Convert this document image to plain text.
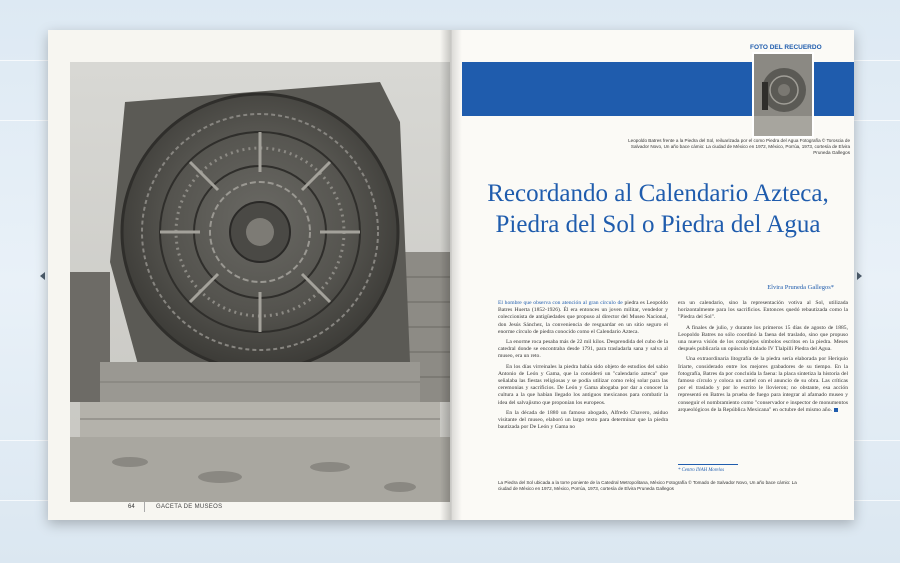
64	GACETA DE MUSEOS
FOTO DEL RECUERDO
Leopoldo Batres frente a la Piedra del Sol, reiluarizada por el como Piedra del Agua Fotografía © Toroscia de Salvador Novo, Un año bace cámio: La ciudad de México en 1972, México, Porrúa, 1973, cortesía de Elvira Pruneda Gallegos
Recordando al Calendario Azteca, Piedra del Sol o Piedra del Agua
Elvira Pruneda Gallegos*

El hombre que observa con atención al gran círculo de piedra es Leopoldo Batres Huerta (1852-1926). Él era entonces un joven militar, vendedor y coleccionista de antigüedades que propuso al director del Museo Nacional, don Jesús Sánchez, la conveniencia de resguardar en un sitio seguro el enorme círculo de piedra conocido como el Calendario Azteca.

La enorme roca pesaba más de 22 mil kilos. Desprendida del cubo de la catedral donde se encontraba desde 1791, para trasladarla sana y salva al museo, era un reto.

En los días virreinales la piedra había sido objeto de estudios del sabio Antonio de León y Gama, que la consideró un "calendario azteca" que señalaba las fiestas religiosas y se podía utilizar como reloj solar para las ceremonias y sacrificios. De León y Gama abogaba por dar a conocer la cultura a la que habían llegado los antiguos mexicanos para combatir la idea del salvajismo que proponían los europeos.

En la década de 1880 un famoso abogado, Alfredo Chavero, asiduo visitante del museo, elaboró un largo texto para determinar que la piedra bautizada por De León y Gama no

era un calendario, sino la representación votiva al Sol, utilizada horizontalmente para los sacrificios. Entonces quedó rebautizada como la "Piedra del Sol".

A finales de julio, y durante los primeros 15 días de agosto de 1885, Leopoldo Batres no sólo coordinó la faena del traslado, sino que propuso una nueva visión de los complejos símbolos escritos en la piedra. Meses después publicaría un opúsculo titulado IV Tlalpilli Piedra del Agua.

Una extraordinaria litografía de la piedra sería elaborada por Heriquio Iriarte, considerado entre los mejores grabadores de su tiempo. En la fotografía, Batres da por concluida la faena: la placa sintetiza la historia del famoso círculo y coloca un cartel con el anuncio de su obra. Las críticas por el traslado y por lo escrito le llovieron; no obstante, esa acción representó en Batres la prueba de fuego para integrar al afamado museo y conseguir el nombramiento como "conservador e inspector de monumentos arqueológicos de la República Mexicana" en octubre del mismo año.

* Centro INAH Morelos
La Piedra del Sol ubicada a la torre poniente de la Catedral Metropolitana, México Fotografía © Tomado de Salvador Novo, Un año bace cámio: La ciudad de México en 1972, México, Porrúa, 1973, cortesía de Elvira Pruneda Gallegos
